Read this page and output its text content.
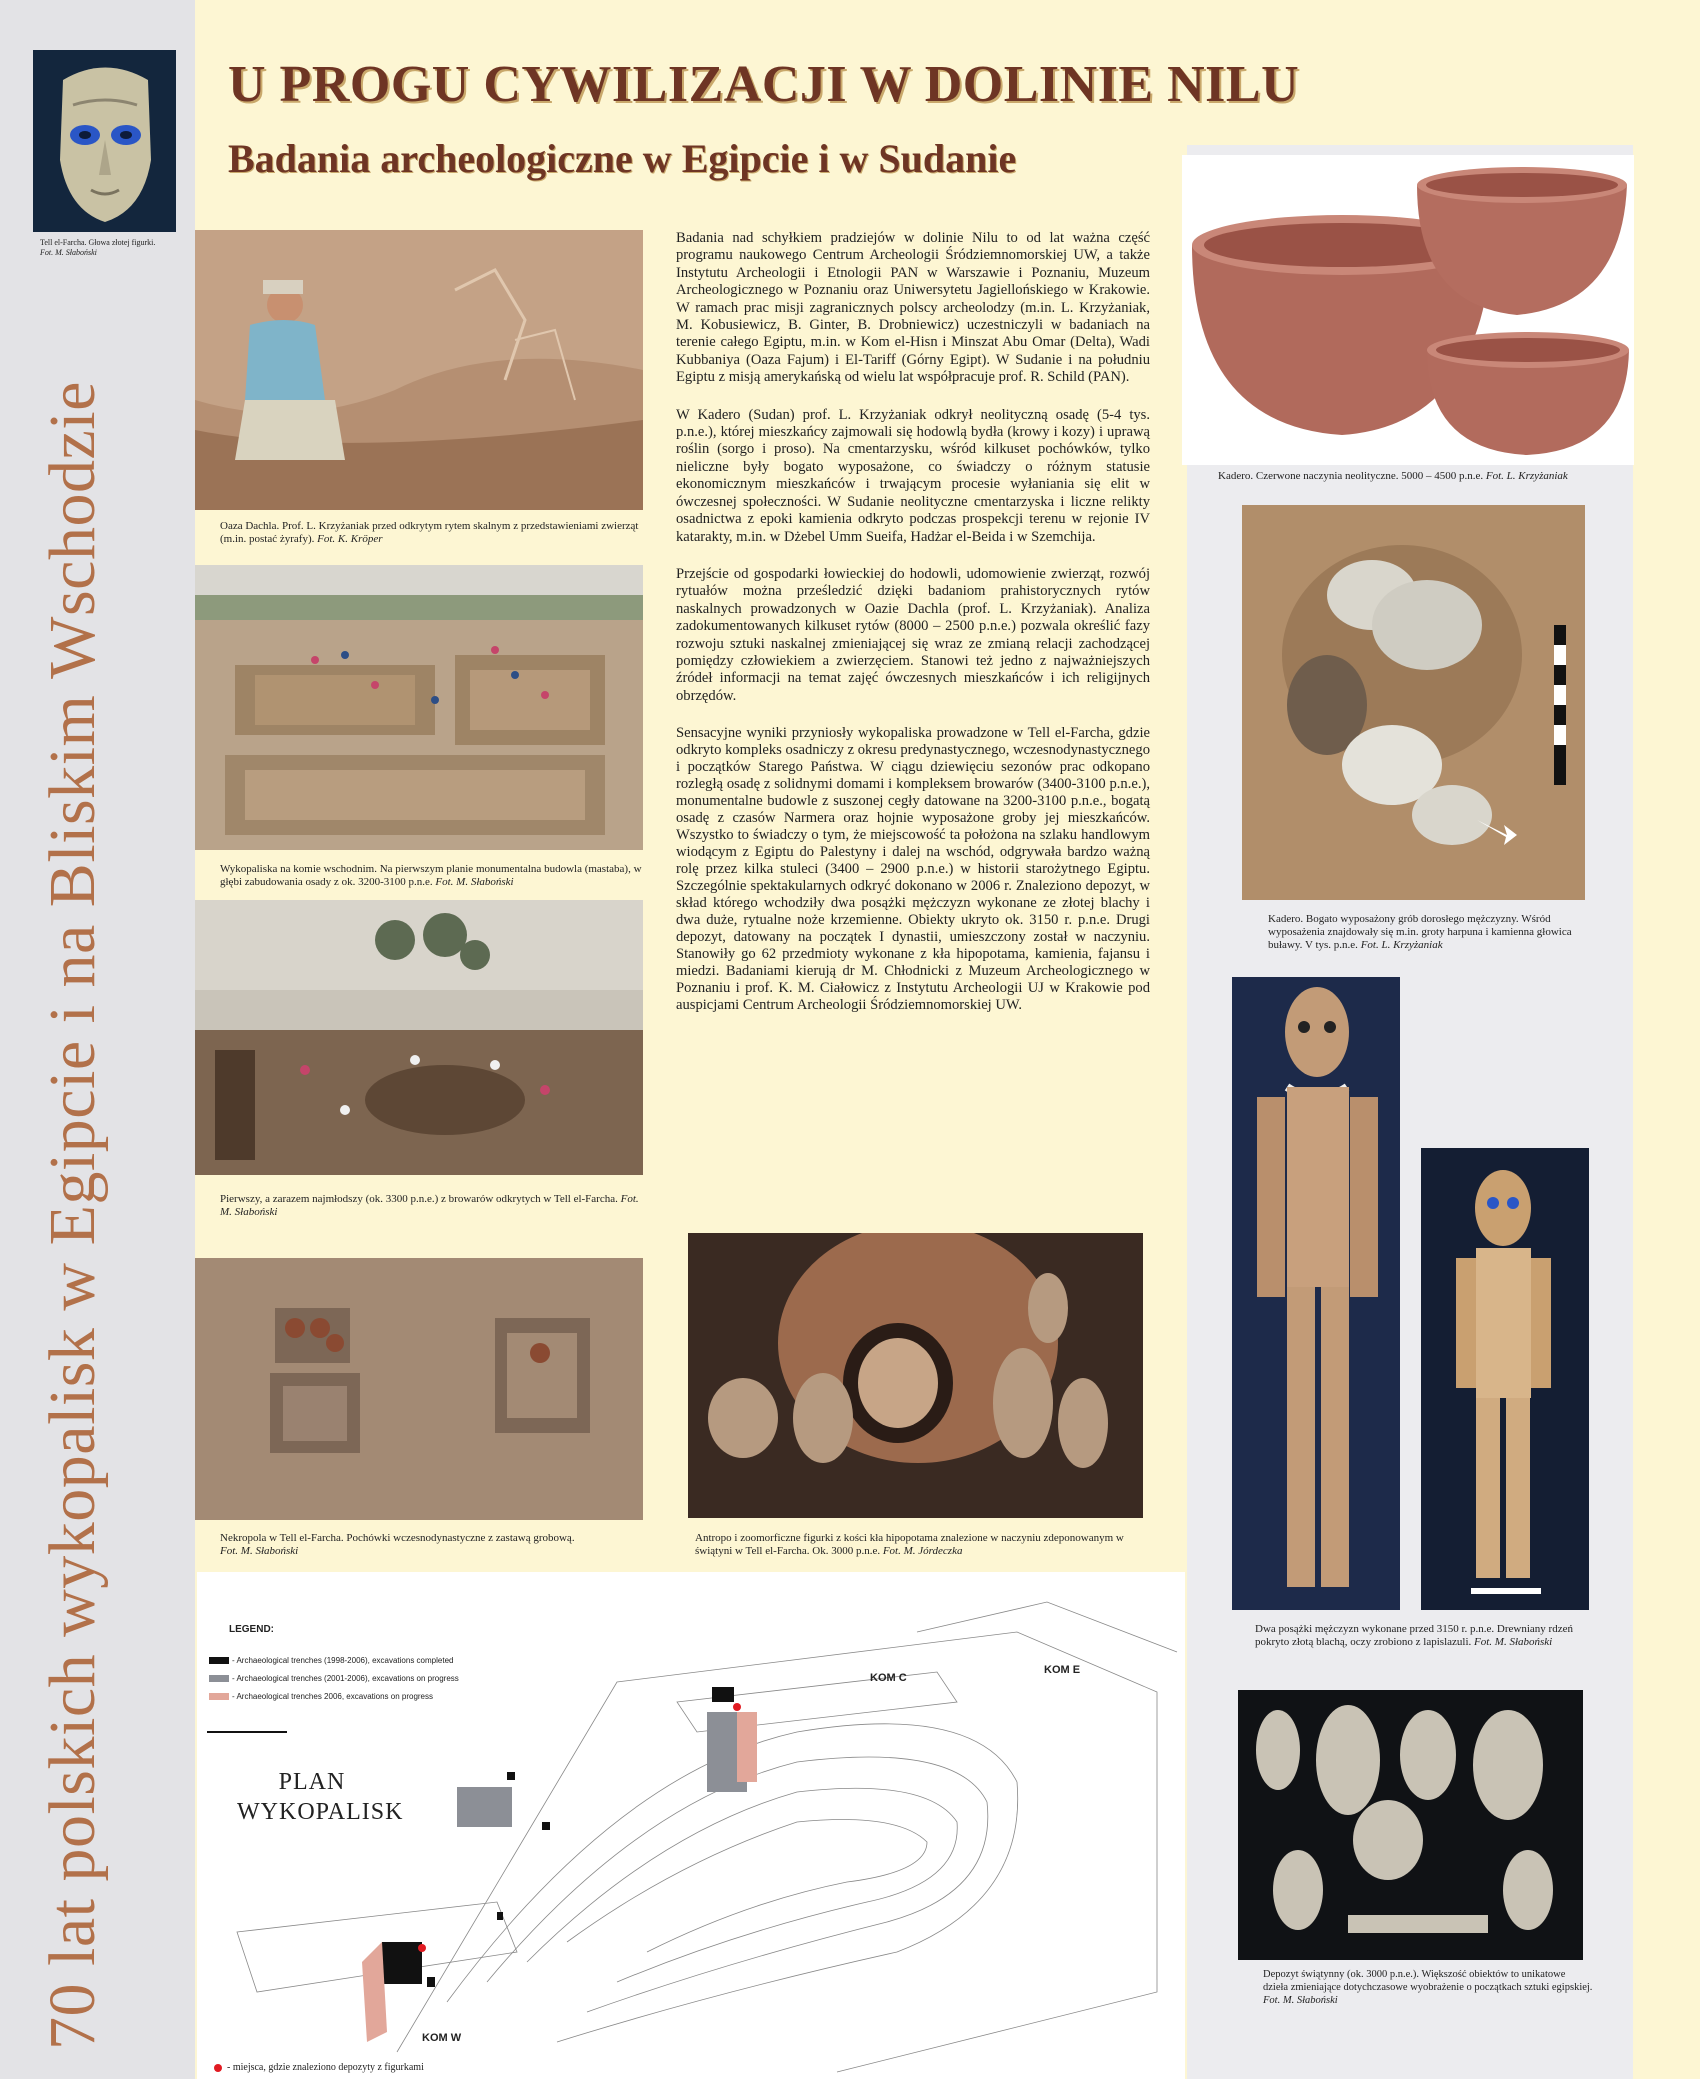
70 lat polskich wykopalisk w Egipcie i na Bliskim Wschodzie
Tell el-Farcha. Głowa złotej figurki.
Fot. M. Słaboński
U PROGU CYWILIZACJI W DOLINIE NILU
Badania archeologiczne w Egipcie i w Sudanie
Oaza Dachla. Prof. L. Krzyżaniak przed odkrytym rytem skalnym z przedstawieniami zwierząt (m.in. postać żyrafy). Fot. K. Kröper
Wykopaliska na komie wschodnim. Na pierwszym planie monumentalna budowla (mastaba), w głębi zabudowania osady z ok. 3200-3100 p.n.e. Fot. M. Słaboński
Pierwszy, a zarazem najmłodszy (ok. 3300 p.n.e.) z browarów odkrytych w Tell el-Farcha. Fot. M. Słaboński
Nekropola w Tell el-Farcha. Pochówki wczesnodynastyczne z zastawą grobową.
Fot. M. Słaboński
Antropo i zoomorficzne figurki z kości kła hipopotama znalezione w naczyniu zdeponowanym w świątyni w Tell el-Farcha. Ok. 3000 p.n.e. Fot. M. Jórdeczka

Badania nad schyłkiem pradziejów w dolinie Nilu to od lat ważna część programu naukowego Centrum Archeologii Śródziemnomorskiej UW, a także Instytutu Archeologii i Etnologii PAN w Warszawie i Poznaniu, Muzeum Archeologicznego w Poznaniu oraz Uniwersytetu Jagiellońskiego w Krakowie. W ramach prac misji zagranicznych polscy archeolodzy (m.in. L. Krzyżaniak, M. Kobusiewicz, B. Ginter, B. Drobniewicz) uczestniczyli w badaniach na terenie całego Egiptu, m.in. w Kom el-Hisn i Minszat Abu Omar (Delta), Wadi Kubbaniya (Oaza Fajum) i El-Tariff (Górny Egipt). W Sudanie i na południu Egiptu z misją amerykańską od wielu lat współpracuje prof. R. Schild (PAN).

W Kadero (Sudan) prof. L. Krzyżaniak odkrył neolityczną osadę (5-4 tys. p.n.e.), której mieszkańcy zajmowali się hodowlą bydła (krowy i kozy) i uprawą roślin (sorgo i proso). Na cmentarzysku, wśród kilkuset pochówków, tylko nieliczne były bogato wyposażone, co świadczy o różnym statusie ekonomicznym mieszkańców i trwającym procesie wyłaniania się elit w ówczesnej społeczności. W Sudanie neolityczne cmentarzyska i liczne relikty osadnictwa z epoki kamienia odkryto podczas prospekcji terenu w rejonie IV kataraktу, m.in. w Dżebel Umm Sueifa, Hadżar el-Beida i w Szemchija.

Przejście od gospodarki łowieckiej do hodowli, udomowienie zwierząt, rozwój rytuałów można prześledzić dzięki badaniom prahistorycznych rytów naskalnych prowadzonych w Oazie Dachla (prof. L. Krzyżaniak). Analiza zadokumentowanych kilkuset rytów (8000 – 2500 p.n.e.) pozwala określić fazy rozwoju sztuki naskalnej zmieniającej się wraz ze zmianą relacji zachodzącej pomiędzy człowiekiem a zwierzęciem. Stanowi też jedno z najważniejszych źródeł informacji na temat zajęć ówczesnych mieszkańców i ich religijnych obrzędów.

Sensacyjne wyniki przyniosły wykopaliska prowadzone w Tell el-Farcha, gdzie odkryto kompleks osadniczy z okresu predynastycznego, wczesnodynastycznego i początków Starego Państwa. W ciągu dziewięciu sezonów prac odkopano rozległą osadę z solidnymi domami i kompleksem browarów (3400-3100 p.n.e.), monumentalne budowle z suszonej cegły datowane na 3200-3100 p.n.e., bogatą osadę z czasów Narmera oraz hojnie wyposażone groby jej mieszkańców. Wszystko to świadczy o tym, że miejscowość ta położona na szlaku handlowym wiodącym z Egiptu do Palestyny i dalej na wschód, odgrywała bardzo ważną rolę przez kilka stuleci (3400 – 2900 p.n.e.) w historii starożytnego Egiptu. Szczególnie spektakularnych odkryć dokonano w 2006 r. Znaleziono depozyt, w skład którego wchodziły dwa posążki mężczyzn wykonane ze złotej blachy i dwa duże, rytualne noże krzemienne. Obiekty ukryto ok. 3150 r. p.n.e. Drugi depozyt, datowany na początek I dynastii, umieszczony został w naczyniu. Stanowiły go 62 przedmioty wykonane z kła hipopotama, kamienia, fajansu i miedzi. Badaniami kierują dr M. Chłodnicki z Muzeum Archeologicznego w Poznaniu i prof. K. M. Ciałowicz z Instytutu Archeologii UJ w Krakowie pod auspicjami Centrum Archeologii Śródziemnomorskiej UW.

Kadero. Czerwone naczynia neolityczne. 5000 – 4500 p.n.e. Fot. L. Krzyżaniak
Kadero. Bogato wyposażony grób dorosłego mężczyzny. Wśród wyposażenia znajdowały się m.in. groty harpuna i kamienna głowica buławy. V tys. p.n.e. Fot. L. Krzyżaniak
Dwa posążki mężczyzn wykonane przed 3150 r. p.n.e. Drewniany rdzeń pokryto złotą blachą, oczy zrobiono z lapislazuli. Fot. M. Słaboński
Depozyt świątynny (ok. 3000 p.n.e.). Większość obiektów to unikatowe dzieła zmieniające dotychczasowe wyobrażenie o początkach sztuki egipskiej.
Fot. M. Słaboński
LEGEND:
- Archaeological trenches (1998-2006), excavations completed
- Archaeological trenches (2001-2006), excavations on progress
- Archaeological trenches 2006, excavations on progress
PLAN
WYKOPALISK
KOM C
KOM E
KOM W
- miejsca, gdzie znaleziono depozyty z figurkami
